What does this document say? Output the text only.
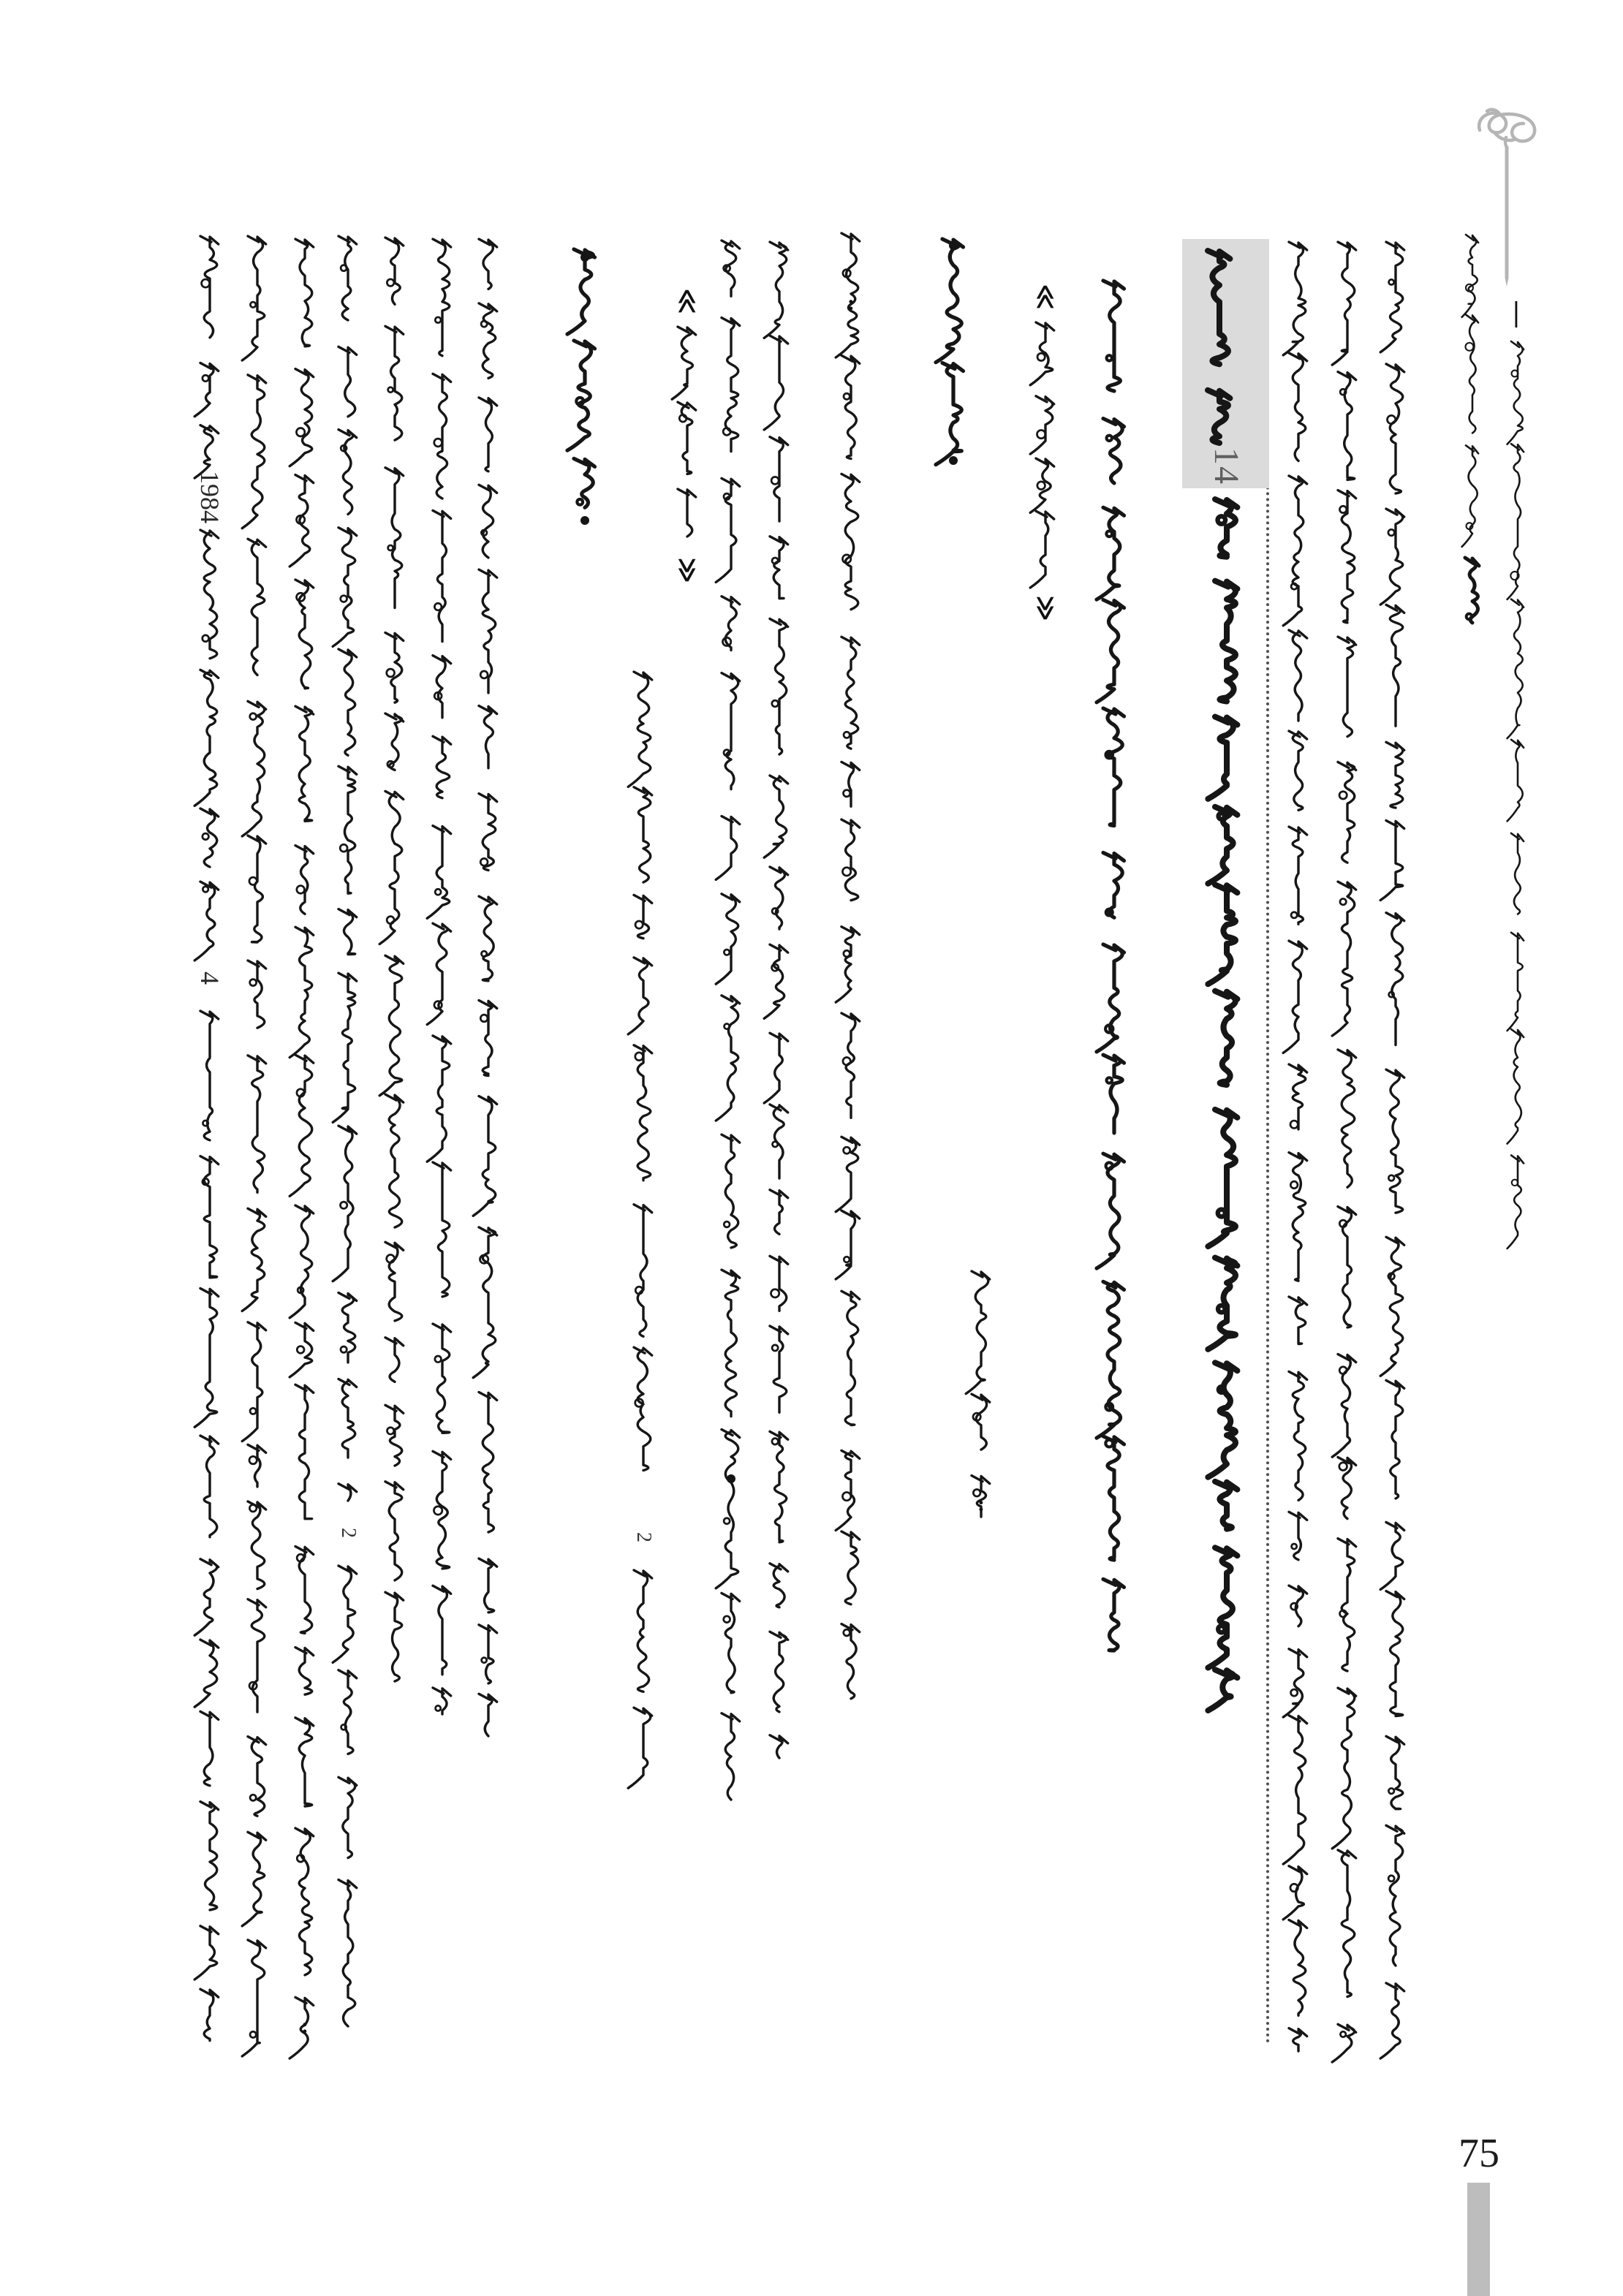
14
75
1984
4
:
2	2
≪
≫
:
:
≪
≫
—
